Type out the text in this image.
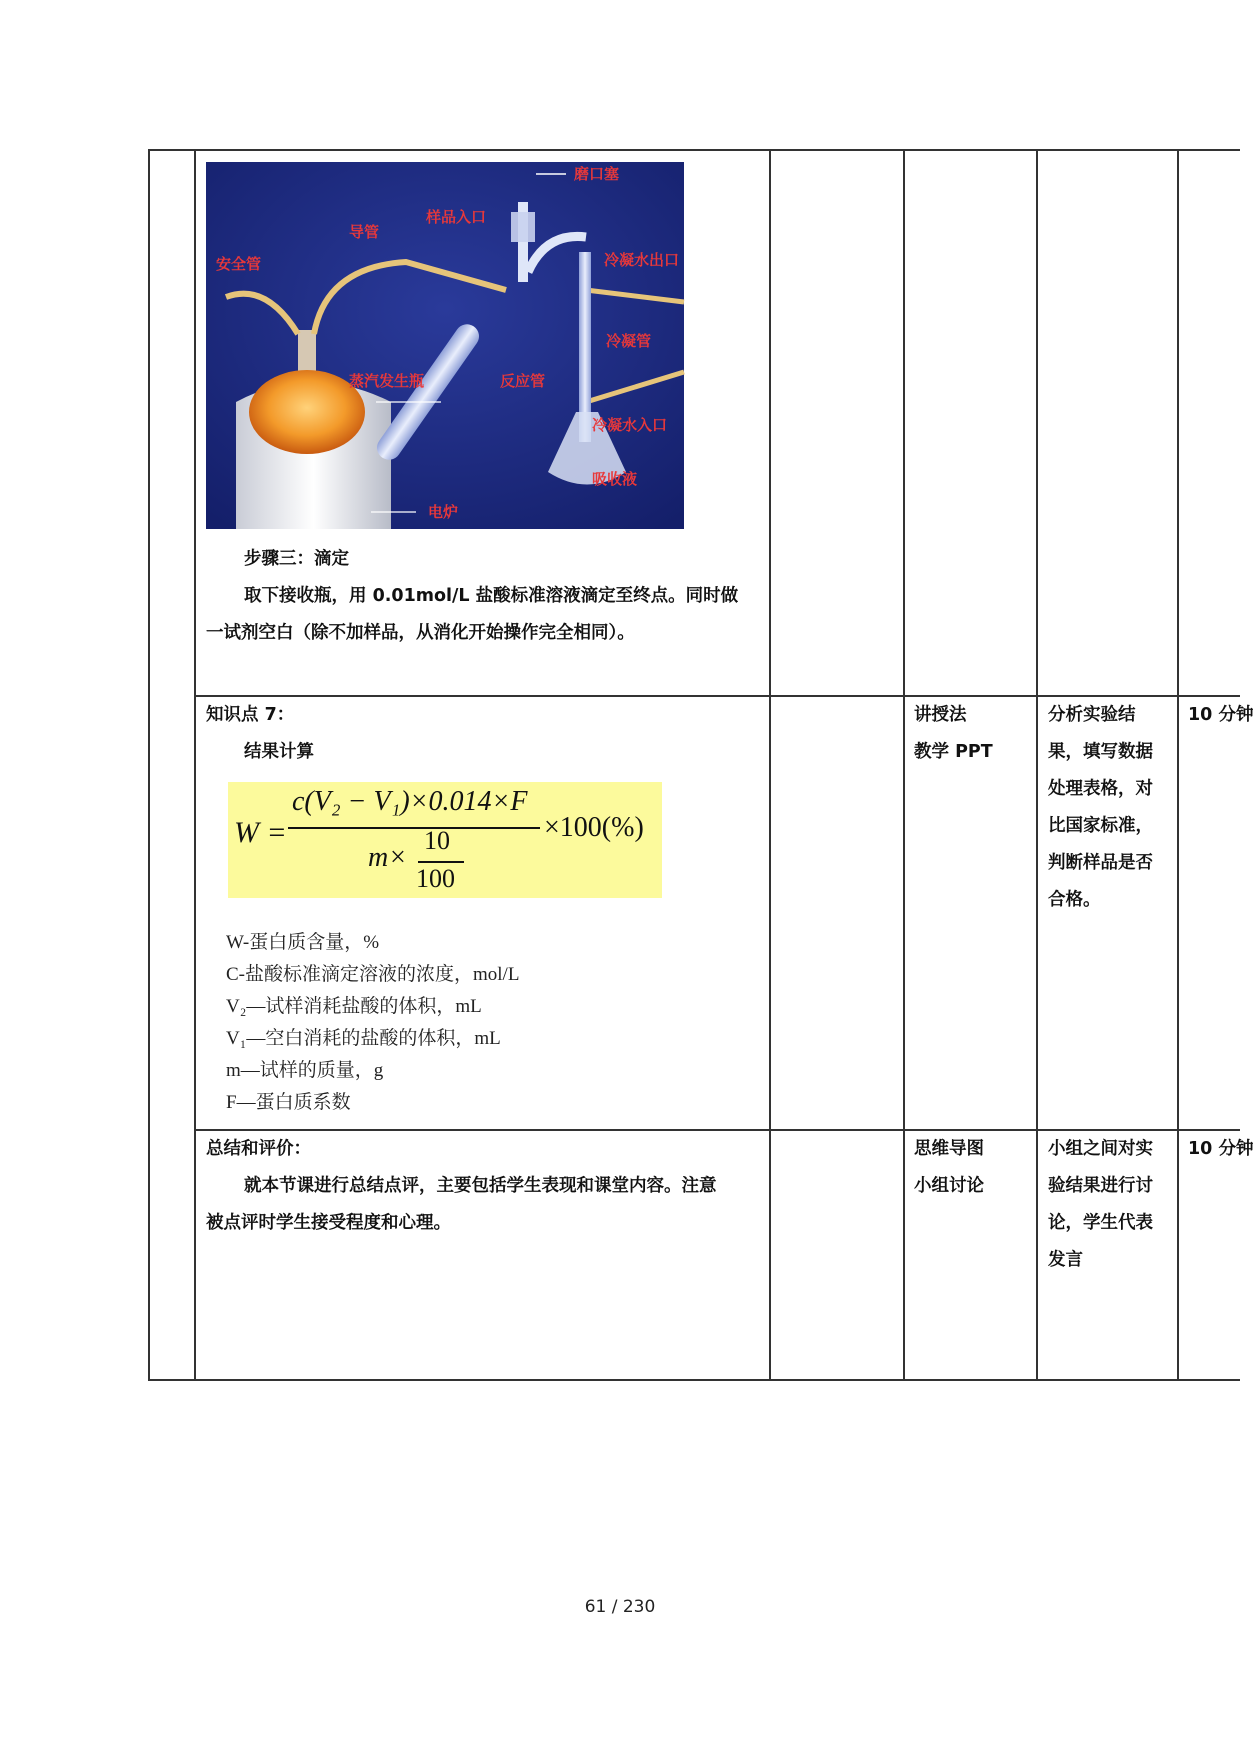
磨口塞
样品入口
导管
安全管	冷凝水出口
冷凝管
蒸汽发生瓶	反应管
冷凝水入口
吸收液
电炉
步骤三：滴定
取下接收瓶，用 0.01mol/L 盐酸标准溶液滴定至终点。同时做
一试剂空白（除不加样品，从消化开始操作完全相同）。
知识点 7：
结果计算
W =
c(V₂ − V₁)×0.014×F
m×
10
100
×100(%)
W-蛋白质含量，%
C-盐酸标准滴定溶液的浓度，mol/L
V₂—试样消耗盐酸的体积，mL
V₁—空白消耗的盐酸的体积，mL
m—试样的质量，g
F—蛋白质系数
讲授法
教学 PPT
分析实验结
果，填写数据
处理表格，对
比国家标准，
判断样品是否
合格。
10 分钟
总结和评价：
就本节课进行总结点评，主要包括学生表现和课堂内容。注意
被点评时学生接受程度和心理。
思维导图
小组讨论
小组之间对实
验结果进行讨
论，学生代表
发言
10 分钟
61 / 230
